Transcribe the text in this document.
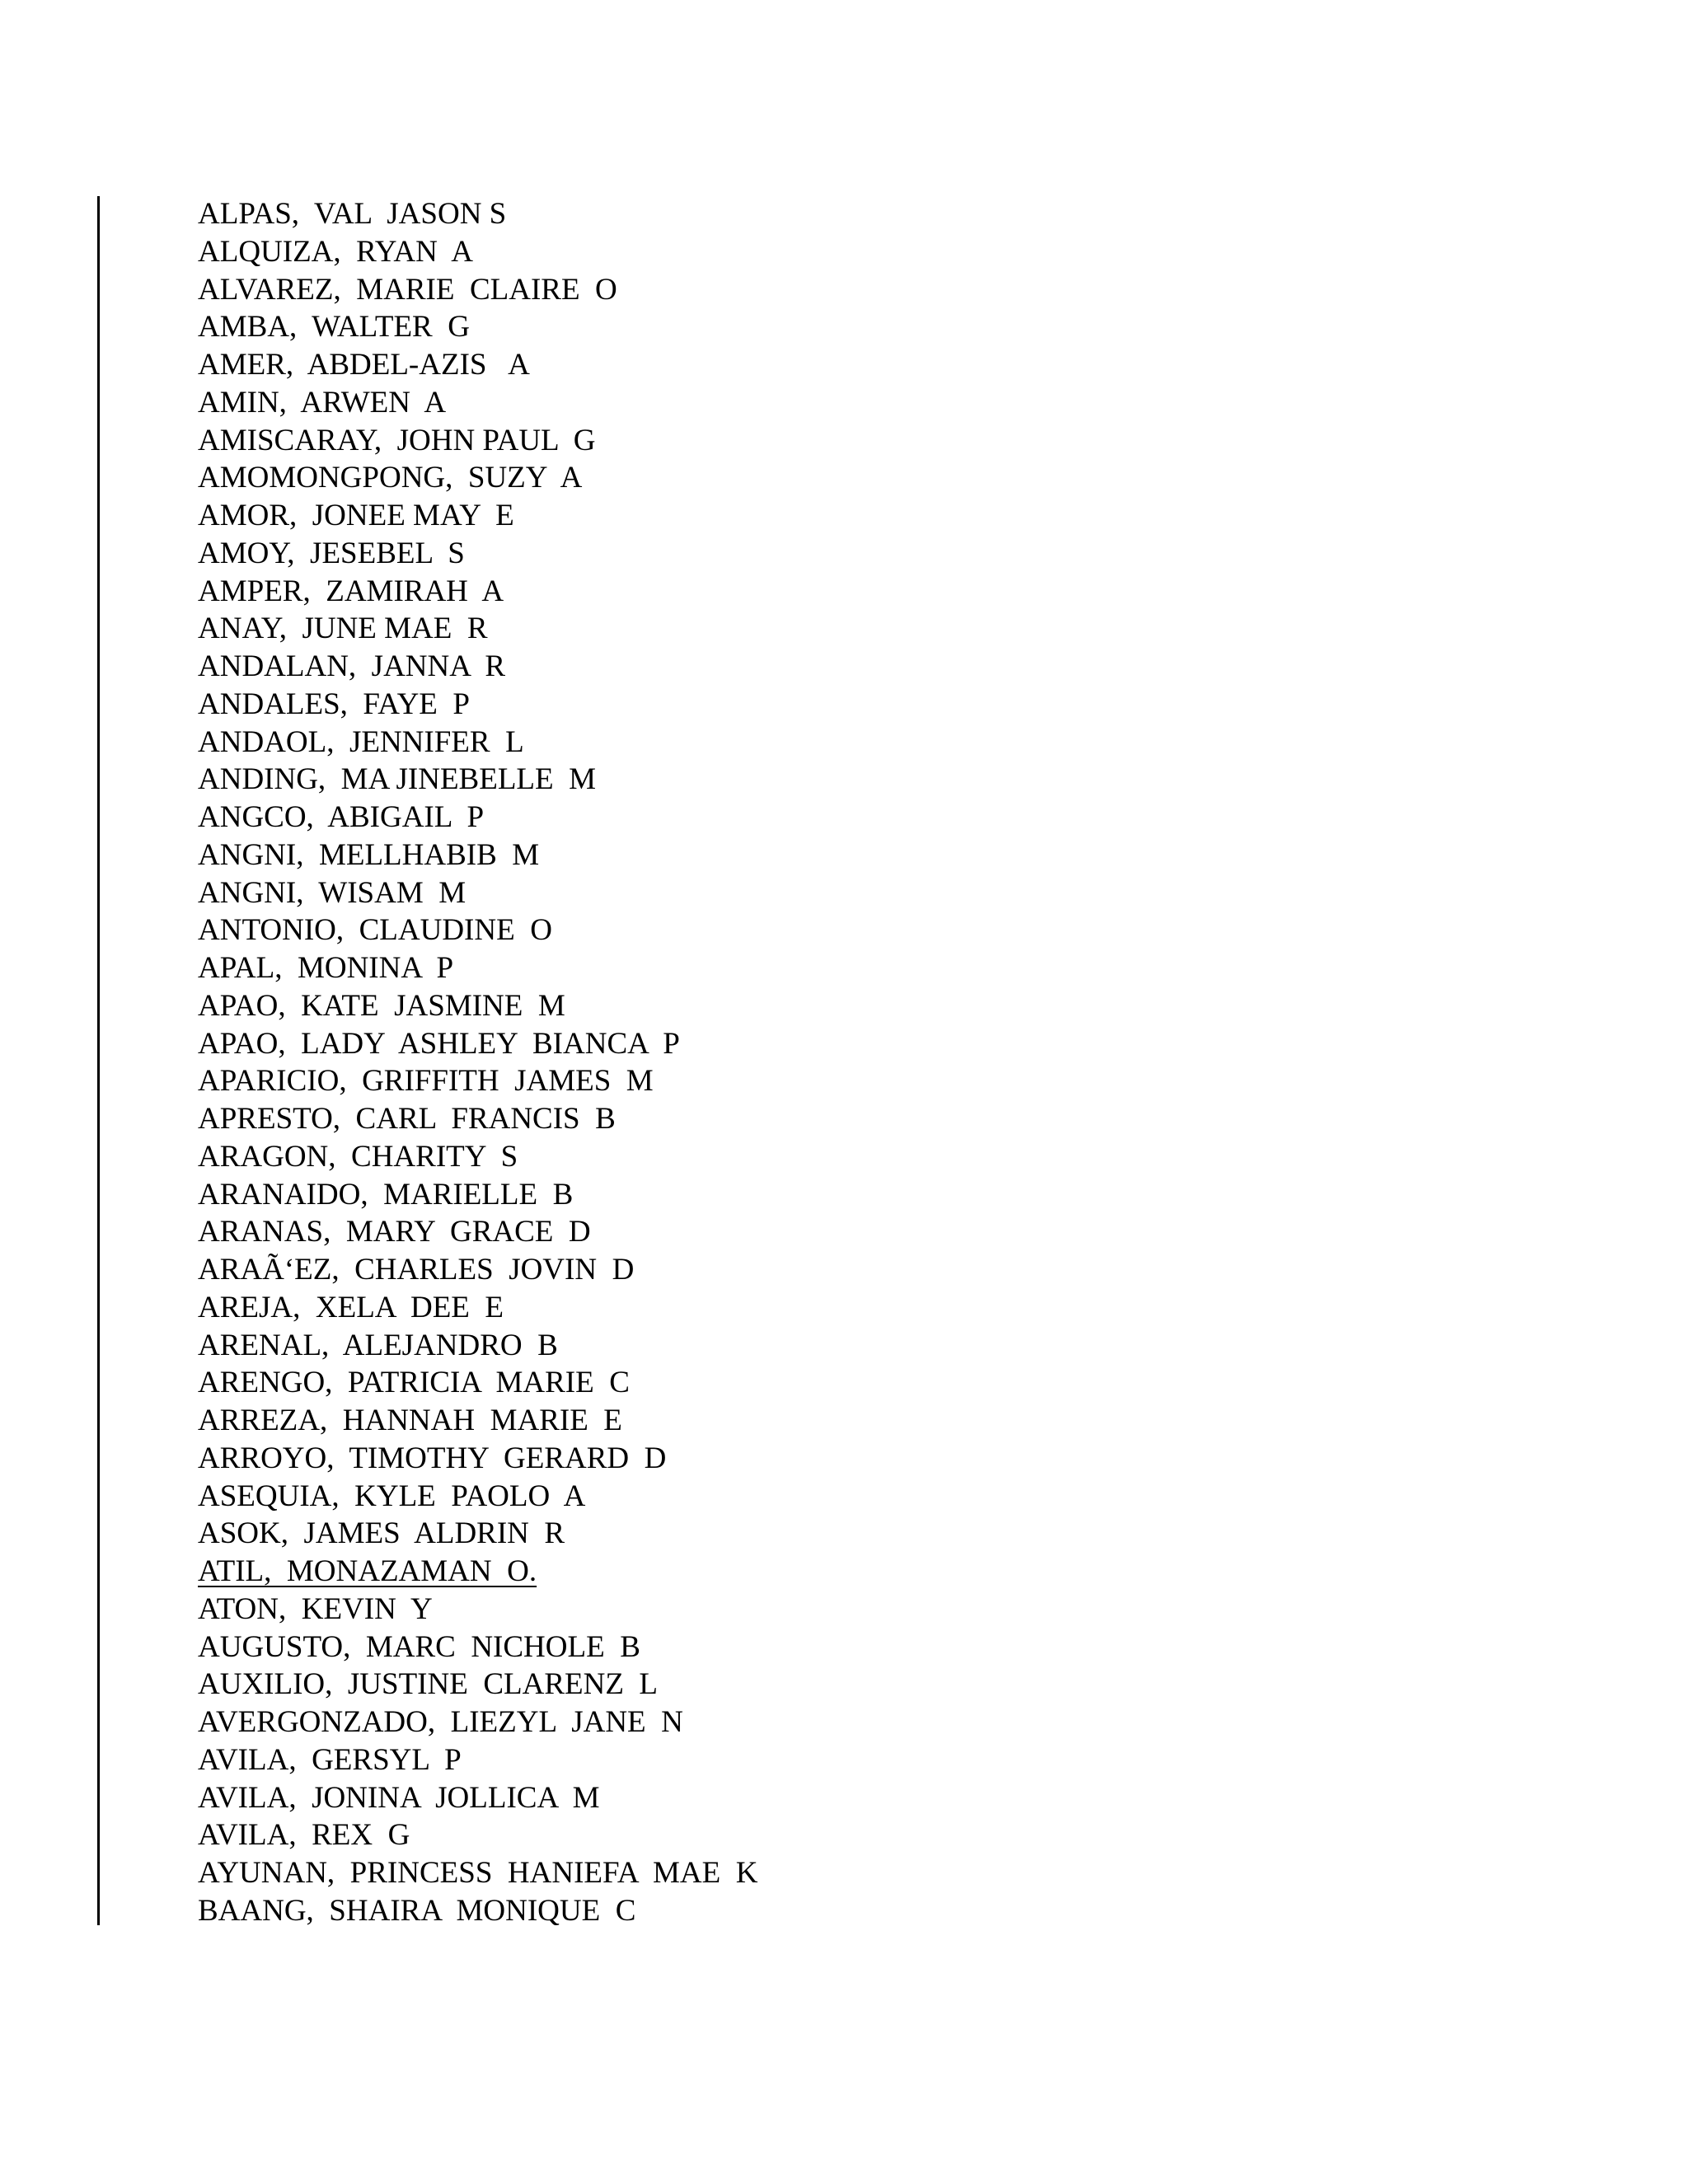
ALPAS,  VAL  JASON S
ALQUIZA,  RYAN  A
ALVAREZ,  MARIE  CLAIRE  O
AMBA,  WALTER  G
AMER,  ABDEL-AZIS   A
AMIN,  ARWEN  A
AMISCARAY,  JOHN PAUL  G
AMOMONGPONG,  SUZY  A
AMOR,  JONEE MAY  E
AMOY,  JESEBEL  S
AMPER,  ZAMIRAH  A
ANAY,  JUNE MAE  R
ANDALAN,  JANNA  R
ANDALES,  FAYE  P
ANDAOL,  JENNIFER  L
ANDING,  MA JINEBELLE  M
ANGCO,  ABIGAIL  P
ANGNI,  MELLHABIB  M
ANGNI,  WISAM  M
ANTONIO,  CLAUDINE  O
APAL,  MONINA  P
APAO,  KATE  JASMINE  M
APAO,  LADY  ASHLEY  BIANCA  P
APARICIO,  GRIFFITH  JAMES  M
APRESTO,  CARL  FRANCIS  B
ARAGON,  CHARITY  S
ARANAIDO,  MARIELLE  B
ARANAS,  MARY  GRACE  D
ARAÃ‘EZ,  CHARLES  JOVIN  D
AREJA,  XELA  DEE  E
ARENAL,  ALEJANDRO  B
ARENGO,  PATRICIA  MARIE  C
ARREZA,  HANNAH  MARIE  E
ARROYO,  TIMOTHY  GERARD  D
ASEQUIA,  KYLE  PAOLO  A
ASOK,  JAMES  ALDRIN  R
ATIL,  MONAZAMAN  O.
ATON,  KEVIN  Y
AUGUSTO,  MARC  NICHOLE  B
AUXILIO,  JUSTINE  CLARENZ  L
AVERGONZADO,  LIEZYL  JANE  N
AVILA,  GERSYL  P
AVILA,  JONINA  JOLLICA  M
AVILA,  REX  G
AYUNAN,  PRINCESS  HANIEFA  MAE  K
BAANG,  SHAIRA  MONIQUE  C
